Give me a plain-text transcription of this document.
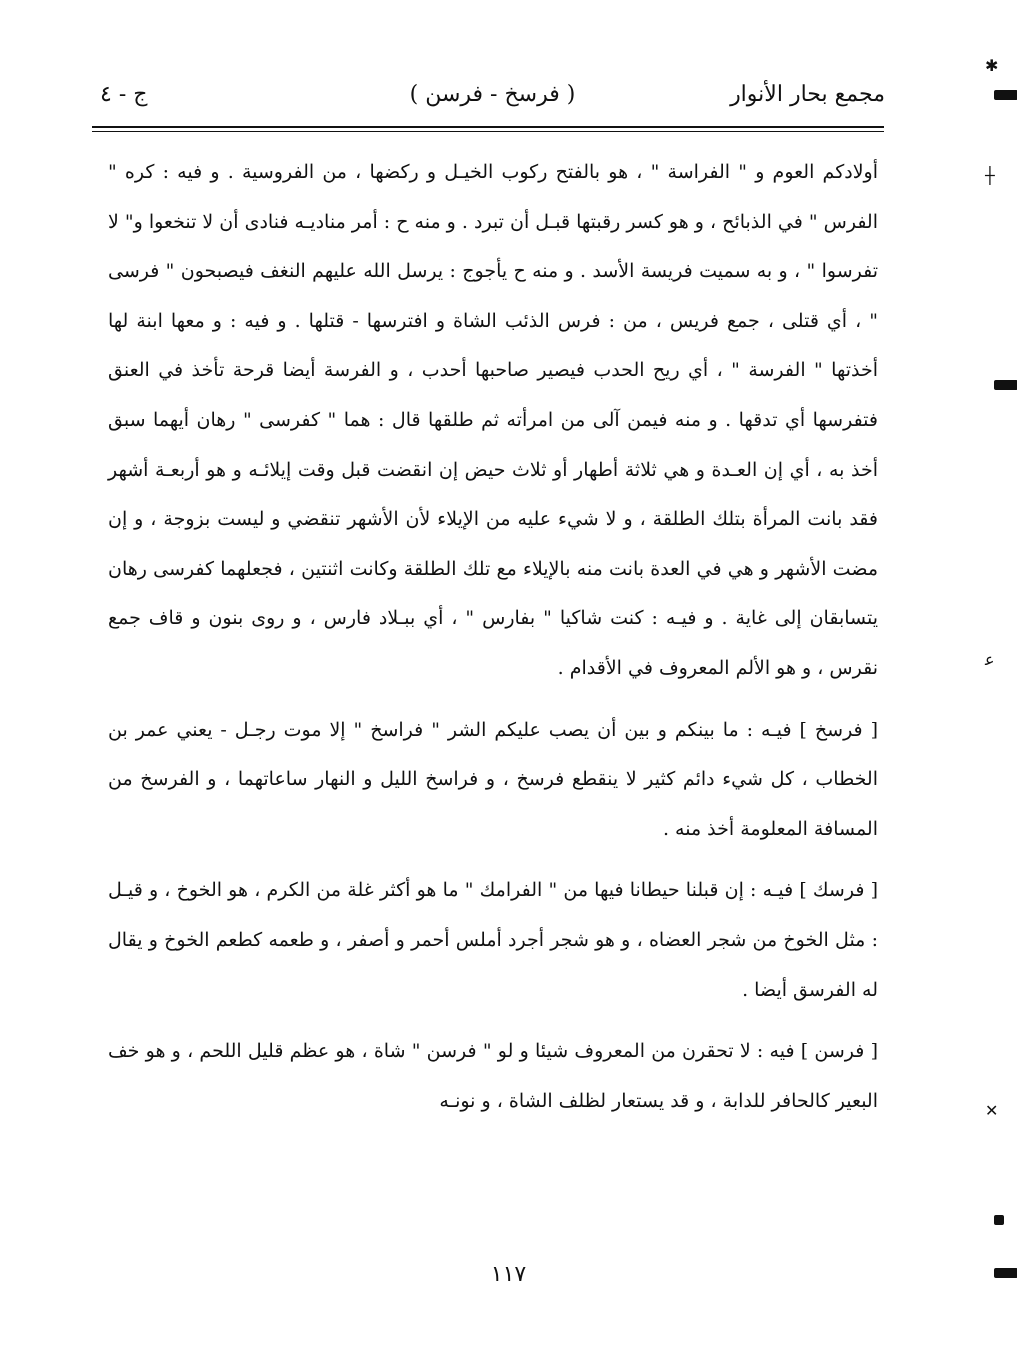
مجمع بحار الأنوار
( فرسخ - فرسن )
ج - ٤

أولادكم العوم و " الفراسة " ، هو بالفتح ركوب الخيـل و ركضها ، من الفروسية . و فيه : كره " الفرس " في الذبائح ، و هو كسر رقبتها قبـل أن تبرد . و منه ح : أمر مناديـه فنادى أن لا تنخعوا و" لا تفرسوا " ، و به سميت فريسة الأسد . و منه ح يأجوج : يرسل الله عليهم النغف فيصبحون " فرسى " ، أي قتلى ، جمع فريس ، من : فرس الذئب الشاة و افترسها - قتلها . و فيه : و معها ابنة لها أخذتها " الفرسة " ، أي ريح الحدب فيصير صاحبها أحدب ، و الفرسة أيضا قرحة تأخذ في العنق فتفرسها أي تدقها . و منه فيمن آلى من امرأته ثم طلقها قال : هما " كفرسى " رهان أيهما سبق أخذ به ، أي إن العـدة و هي ثلاثة أطهار أو ثلاث حيض إن انقضت قبل وقت إيلائـه و هو أربعـة أشهر فقد بانت المرأة بتلك الطلقة ، و لا شيء عليه من الإيلاء لأن الأشهر تنقضي و ليست بزوجة ، و إن مضت الأشهر و هي في العدة بانت منه بالإيلاء مع تلك الطلقة وكانت اثنتين ، فجعلهما كفرسى رهان يتسابقان إلى غاية . و فيـه : كنت شاكيا " بفارس " ، أي ببـلاد فارس ، و روى بنون و قاف جمع نقرس ، و هو الألم المعروف في الأقدام .

[ فرسخ ] فيـه : ما بينكم و بين أن يصب عليكم الشر " فراسخ " إلا موت رجـل - يعني عمر بن الخطاب ، كل شيء دائم كثير لا ينقطع فرسخ ، و فراسخ الليل و النهار ساعاتهما ، و الفرسخ من المسافة المعلومة أخذ منه .

[ فرسك ] فيـه : إن قبلنا حيطانا فيها من " الفرامك " ما هو أكثر غلة من الكرم ، هو الخوخ ، و قيـل : مثل الخوخ من شجر العضاه ، و هو شجر أجرد أملس أحمر و أصفر ، و طعمه كطعم الخوخ و يقال له الفرسق أيضا .

[ فرسن ] فيه : لا تحقرن من المعروف شيئا و لو " فرسن " شاة ، هو عظم قليل اللحم ، و هو خف البعير كالحافر للدابة ، و قد يستعار لظلف الشاة ، و نونـه

١١٧
✱
┼
ﻋ
✕
